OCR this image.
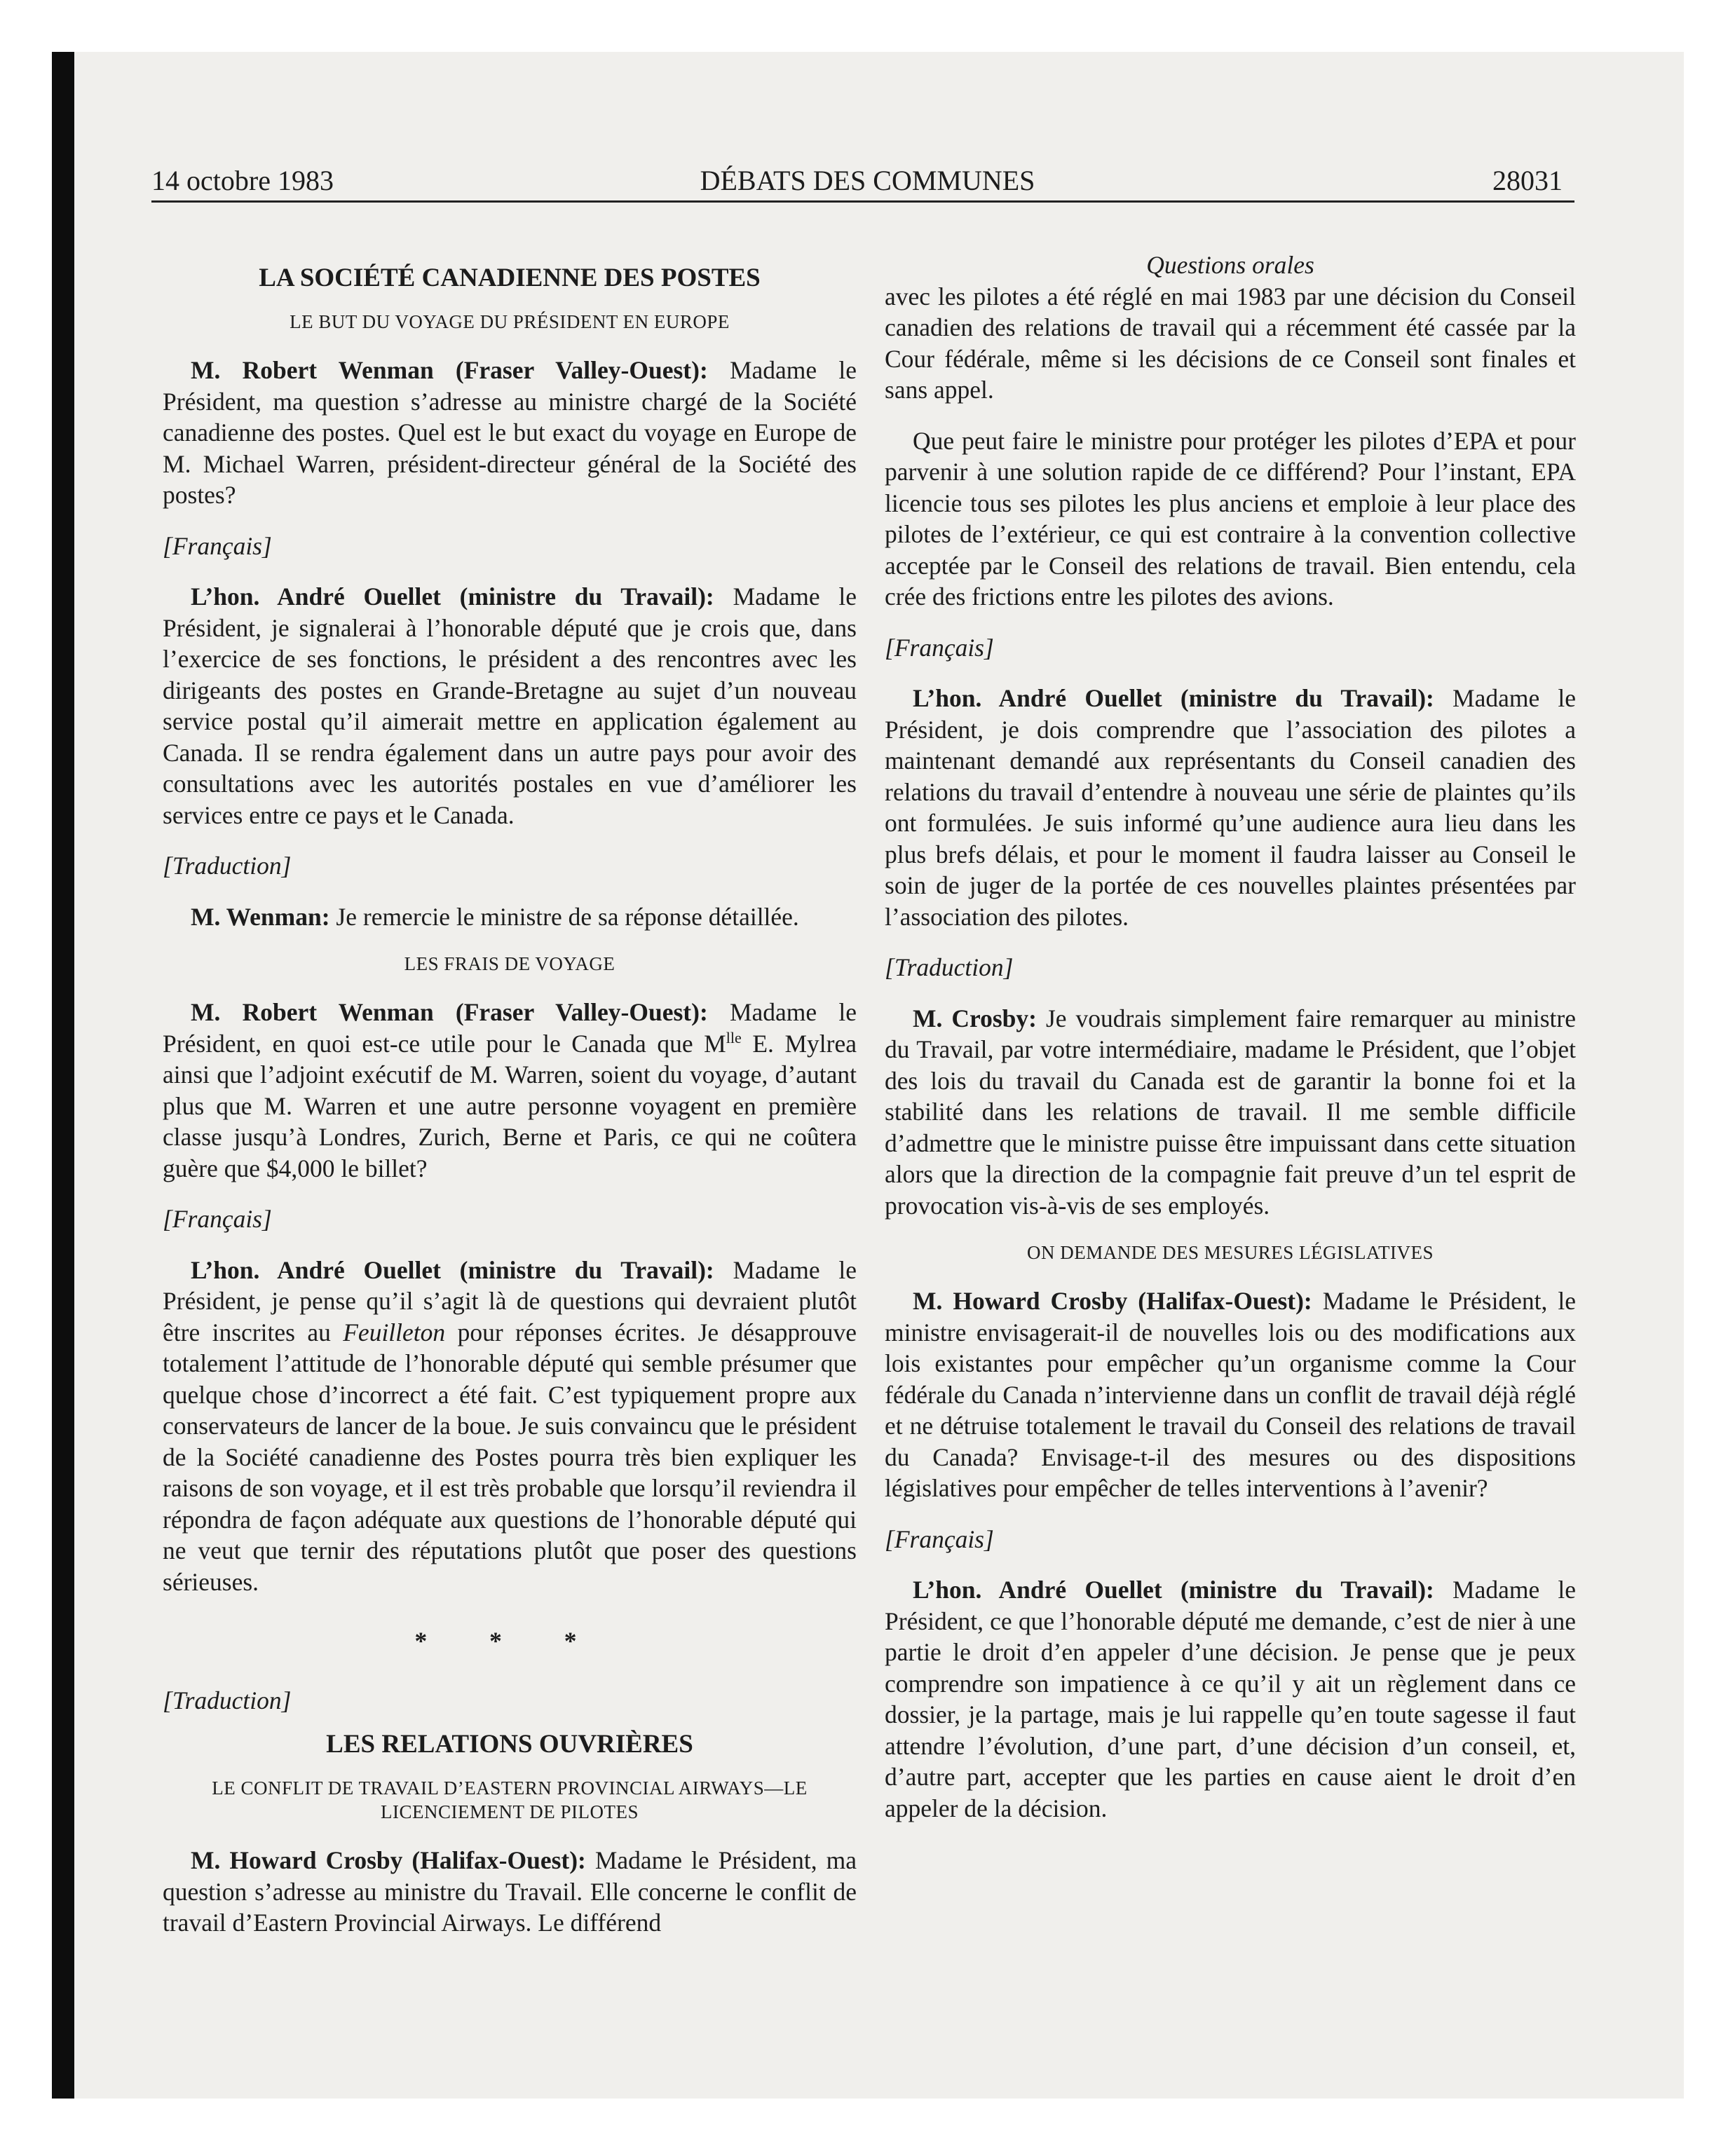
14 octobre 1983	DÉBATS DES COMMUNES	28031
LA SOCIÉTÉ CANADIENNE DES POSTES
LE BUT DU VOYAGE DU PRÉSIDENT EN EUROPE

M. Robert Wenman (Fraser Valley-Ouest): Madame le Président, ma question s’adresse au ministre chargé de la Société canadienne des postes. Quel est le but exact du voyage en Europe de M. Michael Warren, président-directeur général de la Société des postes?

[Français]

L’hon. André Ouellet (ministre du Travail): Madame le Président, je signalerai à l’honorable député que je crois que, dans l’exercice de ses fonctions, le président a des rencontres avec les dirigeants des postes en Grande-Bretagne au sujet d’un nouveau service postal qu’il aimerait mettre en application également au Canada. Il se rendra également dans un autre pays pour avoir des consultations avec les autorités postales en vue d’améliorer les services entre ce pays et le Canada.

[Traduction]

M. Wenman: Je remercie le ministre de sa réponse détaillée.

LES FRAIS DE VOYAGE

M. Robert Wenman (Fraser Valley-Ouest): Madame le Président, en quoi est-ce utile pour le Canada que $M^{lle}$ E. Mylrea ainsi que l’adjoint exécutif de M. Warren, soient du voyage, d’autant plus que M. Warren et une autre personne voyagent en première classe jusqu’à Londres, Zurich, Berne et Paris, ce qui ne coûtera guère que $4,000 le billet?

[Français]

L’hon. André Ouellet (ministre du Travail): Madame le Président, je pense qu’il s’agit là de questions qui devraient plutôt être inscrites au Feuilleton pour réponses écrites. Je désapprouve totalement l’attitude de l’honorable député qui semble présumer que quelque chose d’incorrect a été fait. C’est typiquement propre aux conservateurs de lancer de la boue. Je suis convaincu que le président de la Société canadienne des Postes pourra très bien expliquer les raisons de son voyage, et il est très probable que lorsqu’il reviendra il répondra de façon adéquate aux questions de l’honorable député qui ne veut que ternir des réputations plutôt que poser des questions sérieuses.

* * *

[Traduction]

LES RELATIONS OUVRIÈRES
LE CONFLIT DE TRAVAIL D’EASTERN PROVINCIAL AIRWAYS—LE LICENCIEMENT DE PILOTES

M. Howard Crosby (Halifax-Ouest): Madame le Président, ma question s’adresse au ministre du Travail. Elle concerne le conflit de travail d’Eastern Provincial Airways. Le différend

Questions orales

avec les pilotes a été réglé en mai 1983 par une décision du Conseil canadien des relations de travail qui a récemment été cassée par la Cour fédérale, même si les décisions de ce Conseil sont finales et sans appel.

Que peut faire le ministre pour protéger les pilotes d’EPA et pour parvenir à une solution rapide de ce différend? Pour l’instant, EPA licencie tous ses pilotes les plus anciens et emploie à leur place des pilotes de l’extérieur, ce qui est contraire à la convention collective acceptée par le Conseil des relations de travail. Bien entendu, cela crée des frictions entre les pilotes des avions.

[Français]

L’hon. André Ouellet (ministre du Travail): Madame le Président, je dois comprendre que l’association des pilotes a maintenant demandé aux représentants du Conseil canadien des relations du travail d’entendre à nouveau une série de plaintes qu’ils ont formulées. Je suis informé qu’une audience aura lieu dans les plus brefs délais, et pour le moment il faudra laisser au Conseil le soin de juger de la portée de ces nouvelles plaintes présentées par l’association des pilotes.

[Traduction]

M. Crosby: Je voudrais simplement faire remarquer au ministre du Travail, par votre intermédiaire, madame le Président, que l’objet des lois du travail du Canada est de garantir la bonne foi et la stabilité dans les relations de travail. Il me semble difficile d’admettre que le ministre puisse être impuissant dans cette situation alors que la direction de la compagnie fait preuve d’un tel esprit de provocation vis-à-vis de ses employés.

ON DEMANDE DES MESURES LÉGISLATIVES

M. Howard Crosby (Halifax-Ouest): Madame le Président, le ministre envisagerait-il de nouvelles lois ou des modifications aux lois existantes pour empêcher qu’un organisme comme la Cour fédérale du Canada n’intervienne dans un conflit de travail déjà réglé et ne détruise totalement le travail du Conseil des relations de travail du Canada? Envisage-t-il des mesures ou des dispositions législatives pour empêcher de telles interventions à l’avenir?

[Français]

L’hon. André Ouellet (ministre du Travail): Madame le Président, ce que l’honorable député me demande, c’est de nier à une partie le droit d’en appeler d’une décision. Je pense que je peux comprendre son impatience à ce qu’il y ait un règlement dans ce dossier, je la partage, mais je lui rappelle qu’en toute sagesse il faut attendre l’évolution, d’une part, d’une décision d’un conseil, et, d’autre part, accepter que les parties en cause aient le droit d’en appeler de la décision.
